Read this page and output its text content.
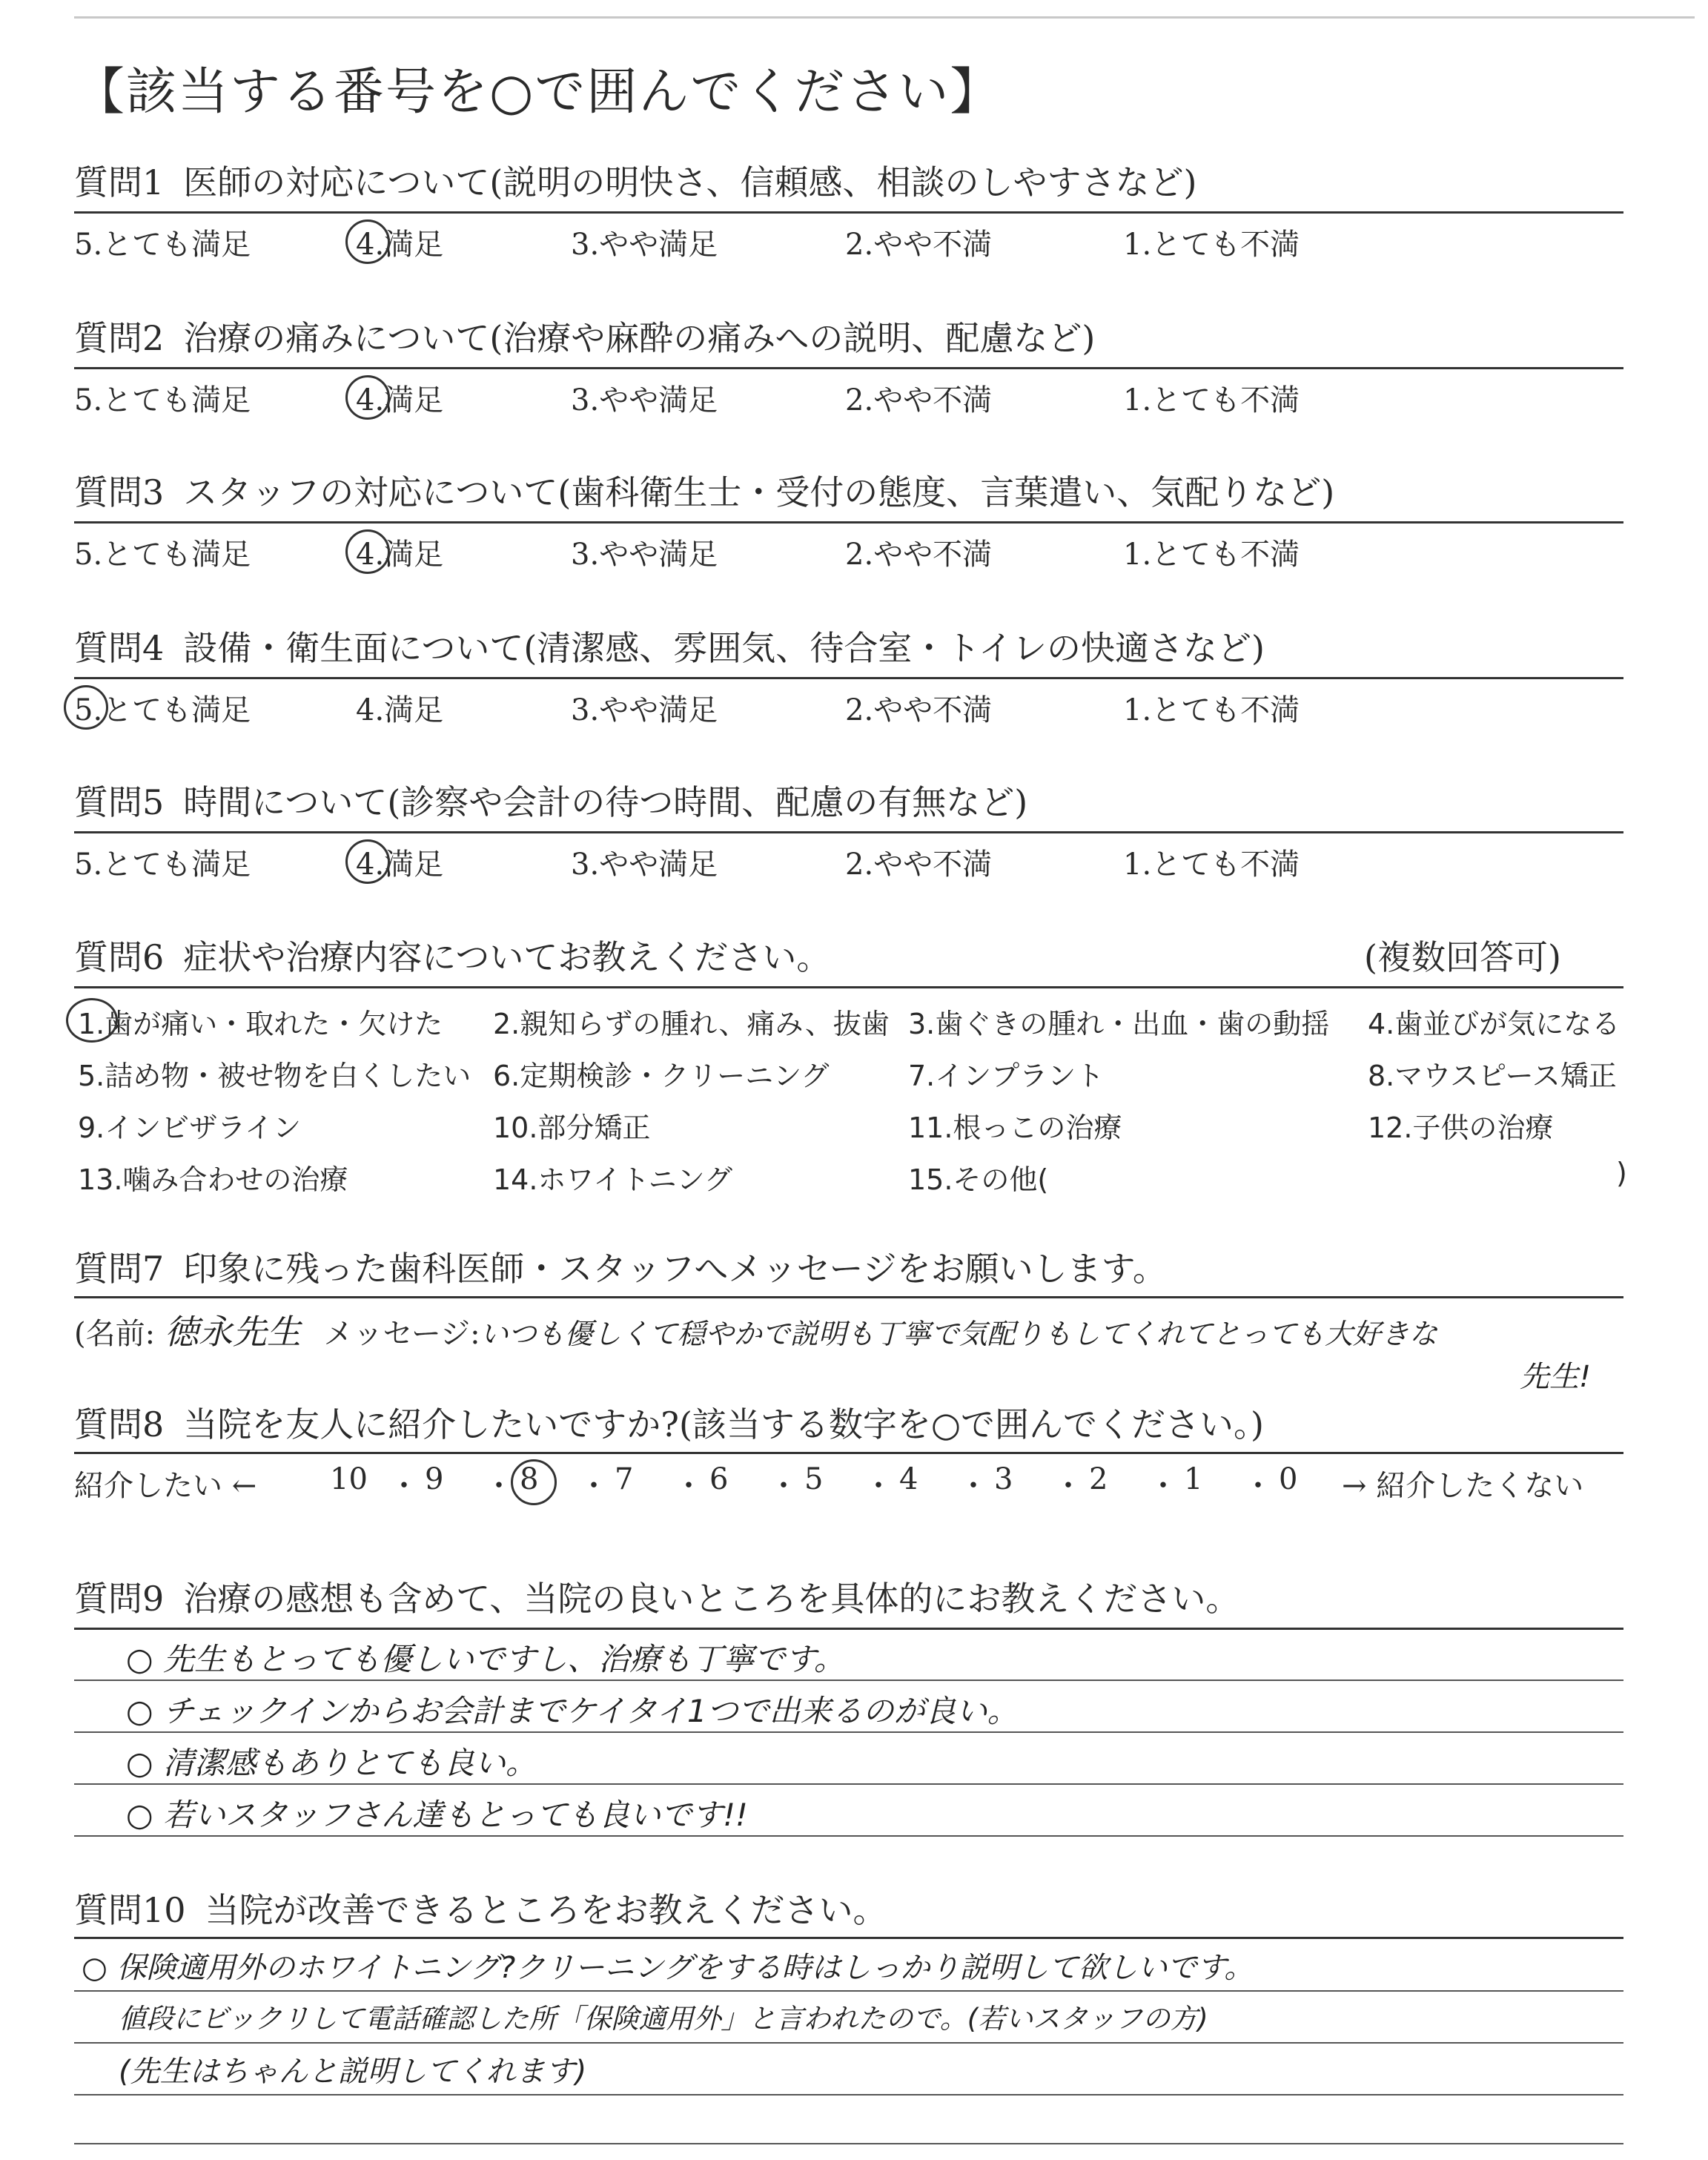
【該当する番号を○で囲んでください】
質問1 医師の対応について(説明の明快さ、信頼感、相談のしやすさなど)
5.とても満足	4.満足	3.やや満足	2.やや不満	1.とても不満
質問2 治療の痛みについて(治療や麻酔の痛みへの説明、配慮など)
5.とても満足	4.満足	3.やや満足	2.やや不満	1.とても不満
質問3 スタッフの対応について(歯科衛生士・受付の態度、言葉遣い、気配りなど)
5.とても満足	4.満足	3.やや満足	2.やや不満	1.とても不満
質問4 設備・衛生面について(清潔感、雰囲気、待合室・トイレの快適さなど)
5.とても満足	4.満足	3.やや満足	2.やや不満	1.とても不満
質問5 時間について(診察や会計の待つ時間、配慮の有無など)
5.とても満足	4.満足	3.やや満足	2.やや不満	1.とても不満
質問6 症状や治療内容についてお教えください。	(複数回答可)
1.歯が痛い・取れた・欠けた 2.親知らずの腫れ、痛み、抜歯 3.歯ぐきの腫れ・出血・歯の動揺 4.歯並びが気になる
5.詰め物・被せ物を白くしたい 6.定期検診・クリーニング	7.インプラント	8.マウスピース矯正
9.インビザライン	10.部分矯正	11.根っこの治療	12.子供の治療
13.噛み合わせの治療	14.ホワイトニング	15.その他(	)
質問7 印象に残った歯科医師・スタッフへメッセージをお願いします。
(名前: 徳永先生 メッセージ:いつも優しくて穏やかで説明も丁寧で気配りもしてくれてとっても大好きな
先生!
質問8 当院を友人に紹介したいですか?(該当する数字を○で囲んでください。)
紹介したい ←	→ 紹介したくない
10 ・ 9 ・ 8 ・ 7 ・ 6 ・ 5 ・ 4 ・ 3 ・ 2 ・ 1 ・ 0
質問9 治療の感想も含めて、当院の良いところを具体的にお教えください。
○ 先生もとっても優しいですし、治療も丁寧です。
○ チェックインからお会計までケイタイ1つで出来るのが良い。
○ 清潔感もありとても良い。
○ 若いスタッフさん達もとっても良いです!!
質問10 当院が改善できるところをお教えください。
○ 保険適用外のホワイトニング?クリーニングをする時はしっかり説明して欲しいです。
値段にビックリして電話確認した所「保険適用外」と言われたので。(若いスタッフの方)
(先生はちゃんと説明してくれます)
